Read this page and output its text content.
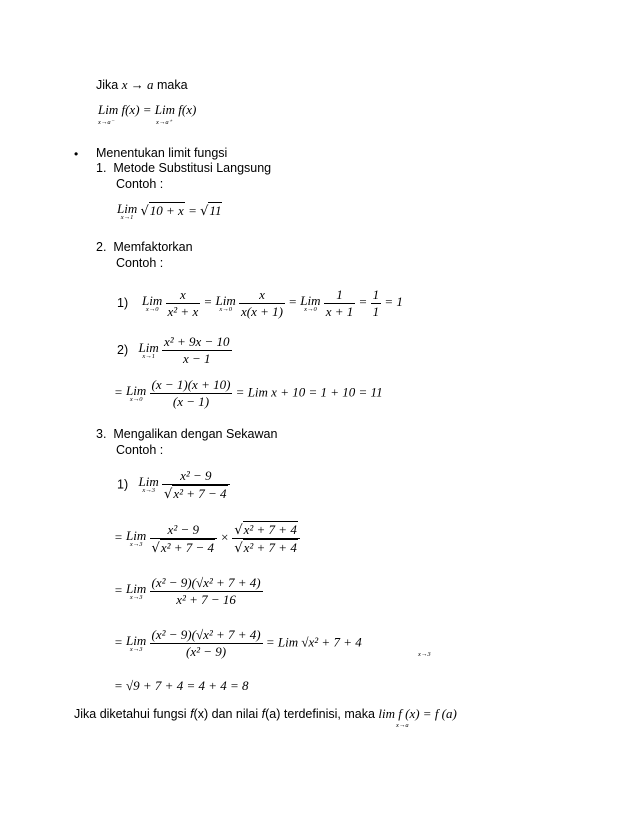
Jika x → a maka
Lim f(x) = Lim f(x)
x→a⁻	x→a⁺
• Menentukan limit fungsi
1. Metode Substitusi Langsung
Contoh :
Lim
x→1 √10 + x = √11
2. Memfaktorkan
Contoh :
1) Lim
x→0
$\frac{x}{\text{x² + x}}$ = Lim
x→0
$\frac{x}{x(x + 1)}$ = Lim
x→0
$\frac{1}{x + 1} = \frac{1}{1} = 1$
2) Lim
x→1
$\frac{\text{x² + 9x − 10}}{x - 1}$
= Lim
x→0
$\frac{(x - 1)(x + 10)}{(x - 1)}$ = Lim x + 10 = 1 + 10 = 11
3. Mengalikan dengan Sekawan
Contoh :
1) Lim
x→3
$\frac{\text{x² − 9}}{\text{√x² + 7 − 4}}$
= Lim
x→3
$\frac{\text{x² − 9}}{\text{√x² + 7 − 4}} \times \frac{\text{√x² + 7 + 4}}{\text{√x² + 7 + 4}}$
= Lim
x→3
$\frac{\text{(x² − 9)(√x² + 7 + 4)}}{\text{x² + 7 − 16}}$
= Lim
x→3
$\frac{\text{(x² − 9)(√x² + 7 + 4)}}{\text{(x² − 9)}}$ = Lim √x² + 7 + 4
x→3
= √9 + 7 + 4 = 4 + 4 = 8
Jika diketahui fungsi f(x) dan nilai f(a) terdefinisi, maka lim f (x) = f (a)
x→a
